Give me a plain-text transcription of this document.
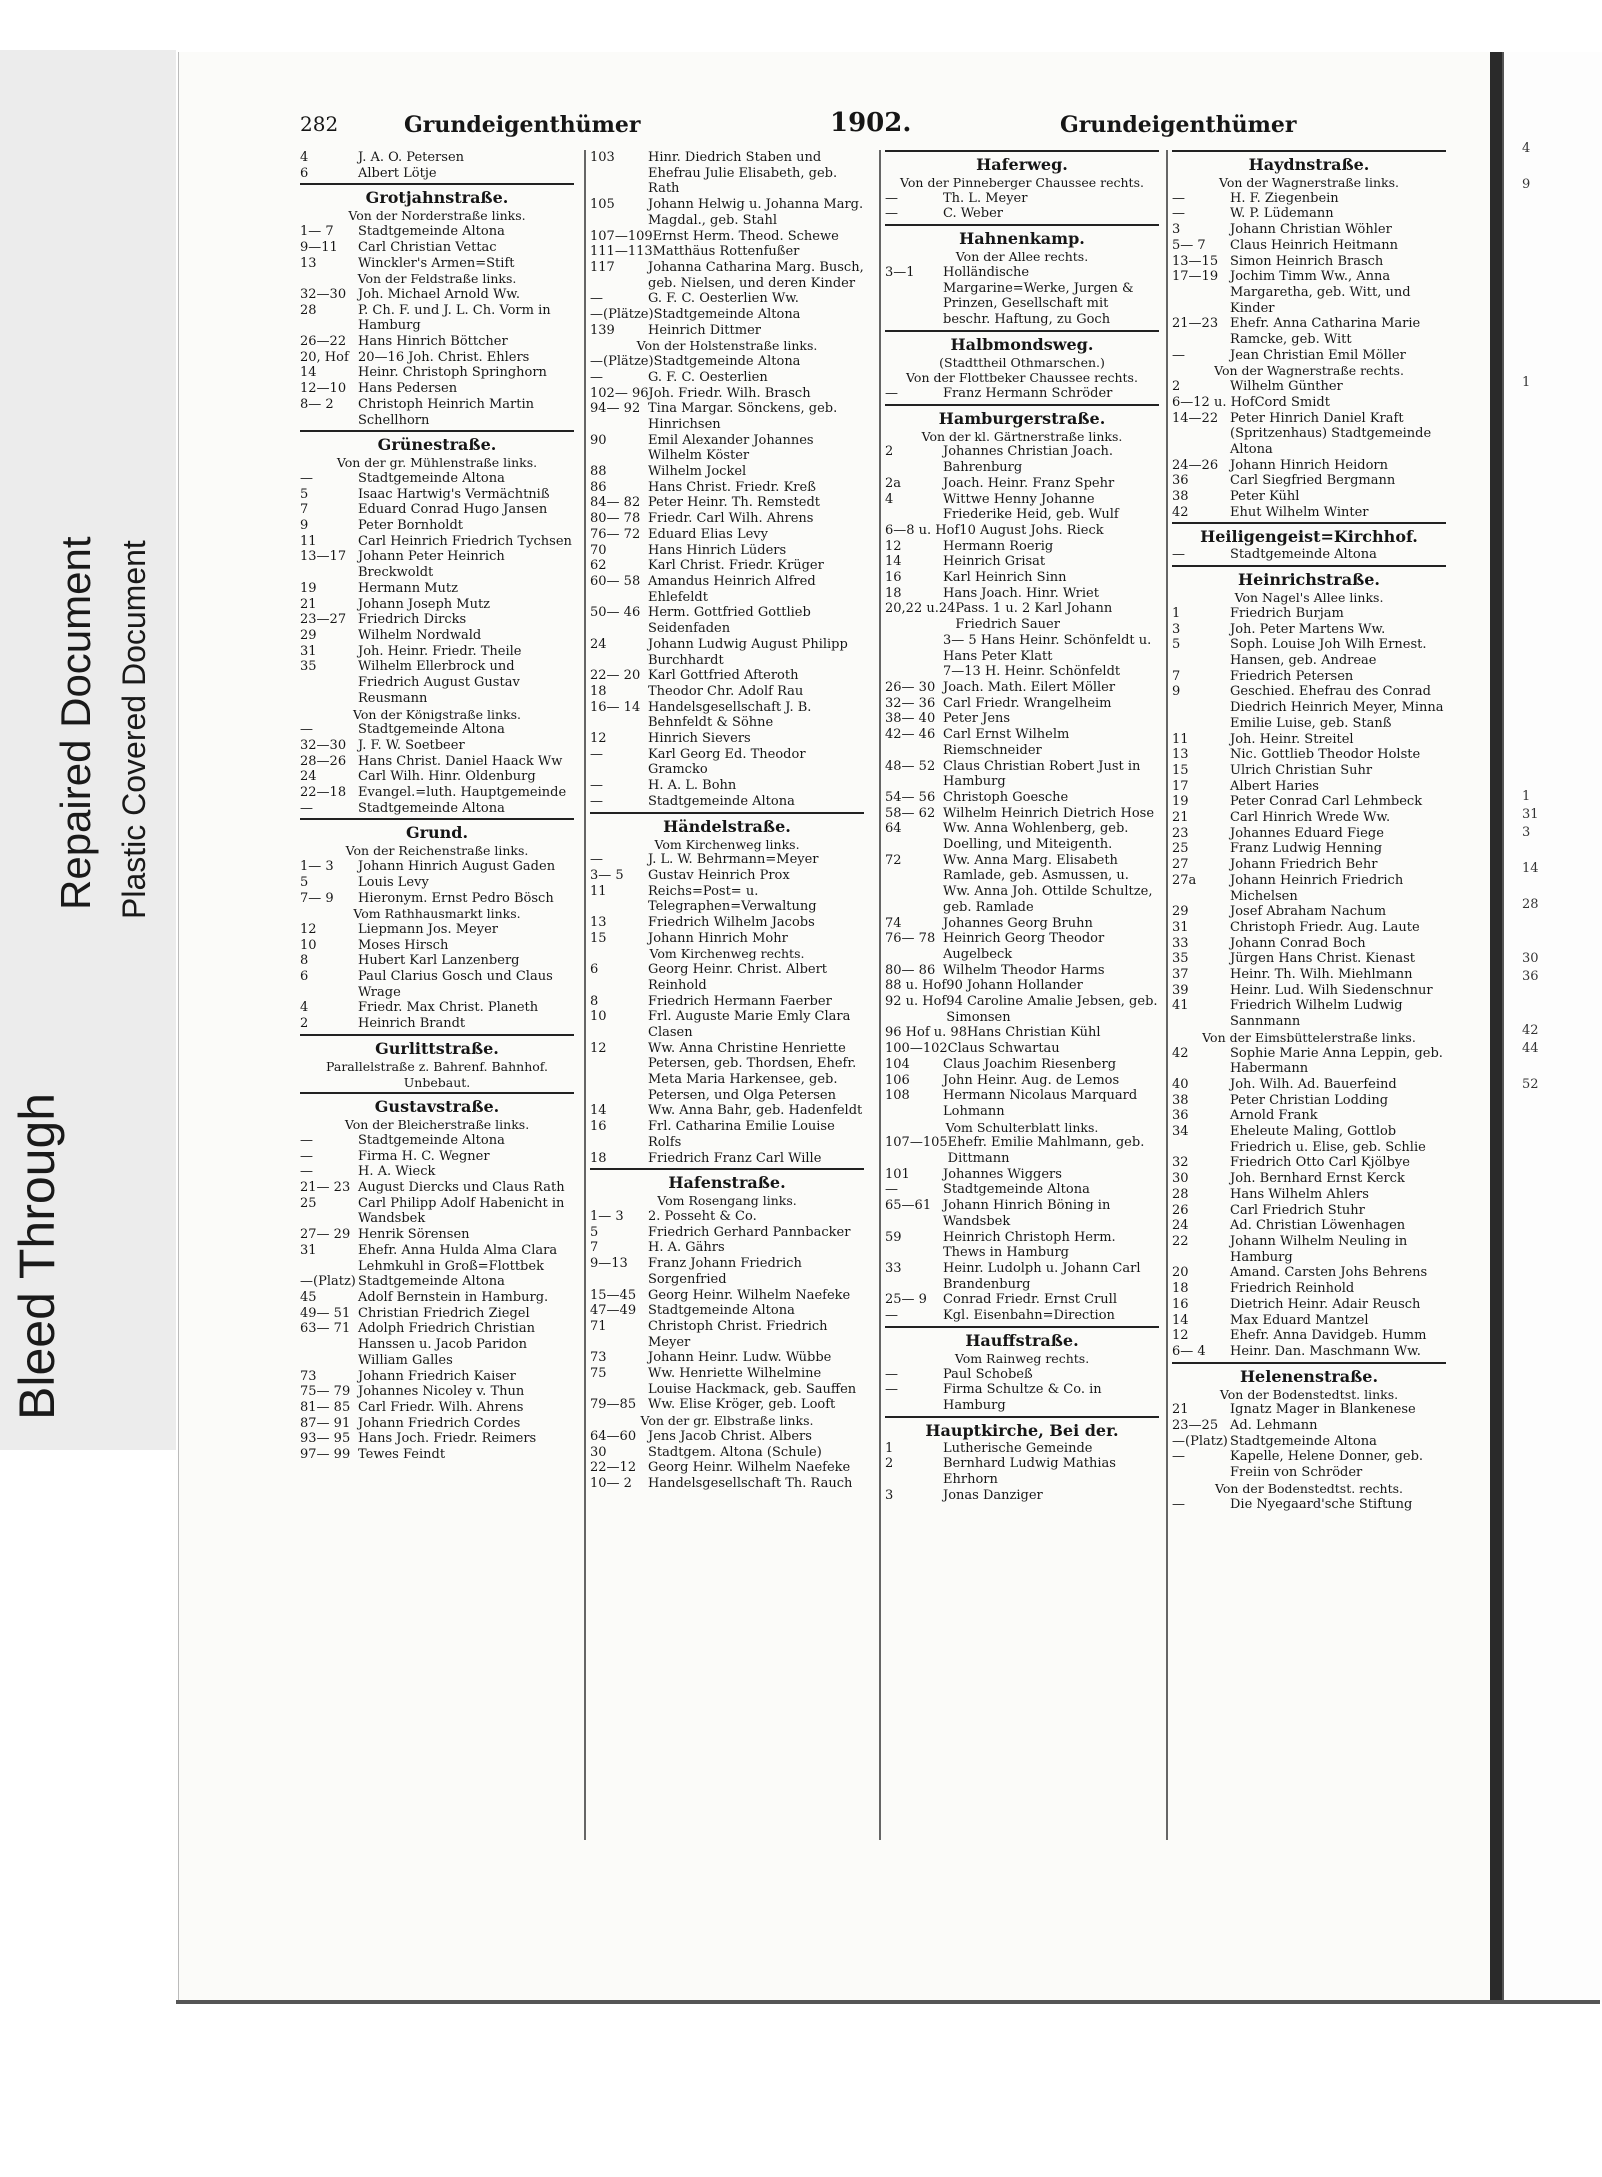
Bleed Through
Repaired Document Plastic Covered Document
282	Grundeigenthümer	1902.	Grundeigenthümer
4	J. A. O. Petersen
6	Albert Lötje
Grotjahnstraße.
Von der Norderstraße links.
1— 7	Stadtgemeinde Altona
9—11	Carl Christian Vettac
13	Winckler's Armen=Stift
Von der Feldstraße links.
32—30 Joh. Michael Arnold Ww.
28	P. Ch. F. und J. L. Ch. Vorm in Hamburg
26—22 Hans Hinrich Böttcher
20, Hof 20—16 Joh. Christ. Ehlers
14	Heinr. Christoph Springhorn
12—10 Hans Pedersen
8— 2	Christoph Heinrich Martin Schellhorn
Grünestraße.
Von der gr. Mühlenstraße links.
—	Stadtgemeinde Altona
5	Isaac Hartwig's Vermächtniß
7	Eduard Conrad Hugo Jansen
9	Peter Bornholdt
11	Carl Heinrich Friedrich Tychsen
13—17 Johann Peter Heinrich Breckwoldt
19	Hermann Mutz
21	Johann Joseph Mutz
23—27 Friedrich Dircks
29	Wilhelm Nordwald
31	Joh. Heinr. Friedr. Theile
35	Wilhelm Ellerbrock und Friedrich August Gustav Reusmann
Von der Königstraße links.
—	Stadtgemeinde Altona
32—30 J. F. W. Soetbeer
28—26 Hans Christ. Daniel Haack Ww
24	Carl Wilh. Hinr. Oldenburg
22—18 Evangel.=luth. Hauptgemeinde
—	Stadtgemeinde Altona
Grund.
Von der Reichenstraße links.
1— 3	Johann Hinrich August Gaden
5	Louis Levy
7— 9	Hieronym. Ernst Pedro Bösch
Vom Rathhausmarkt links.
12	Liepmann Jos. Meyer
10	Moses Hirsch
8	Hubert Karl Lanzenberg
6	Paul Clarius Gosch und Claus Wrage
4	Friedr. Max Christ. Planeth
2	Heinrich Brandt
Gurlittstraße.
Parallelstraße z. Bahrenf. Bahnhof.
Unbebaut.
Gustavstraße.
Von der Bleicherstraße links.
—	Stadtgemeinde Altona
—	Firma H. C. Wegner
—	H. A. Wieck
21— 23 August Diercks und Claus Rath
25	Carl Philipp Adolf Habenicht in Wandsbek
27— 29 Henrik Sörensen
31	Ehefr. Anna Hulda Alma Clara Lehmkuhl in Groß=Flottbek
—(Platz) Stadtgemeinde Altona
45	Adolf Bernstein in Hamburg.
49— 51 Christian Friedrich Ziegel
63— 71 Adolph Friedrich Christian Hanssen u. Jacob Paridon William Galles
73	Johann Friedrich Kaiser
75— 79 Johannes Nicoley v. Thun
81— 85 Carl Friedr. Wilh. Ahrens
87— 91 Johann Friedrich Cordes
93— 95 Hans Joch. Friedr. Reimers
97— 99 Tewes Feindt
103	Hinr. Diedrich Staben und Ehefrau Julie Elisabeth, geb. Rath
105	Johann Helwig u. Johanna Marg. Magdal., geb. Stahl
107—109 Ernst Herm. Theod. Schewe
111—113 Matthäus Rottenfußer
117	Johanna Catharina Marg. Busch, geb. Nielsen, und deren Kinder
—	G. F. C. Oesterlien Ww.
—(Plätze) Stadtgemeinde Altona
139	Heinrich Dittmer
Von der Holstenstraße links.
—(Plätze) Stadtgemeinde Altona
—	G. F. C. Oesterlien
102— 96 Joh. Friedr. Wilh. Brasch
94— 92 Tina Margar. Sönckens, geb. Hinrichsen
90	Emil Alexander Johannes Wilhelm Köster
88	Wilhelm Jockel
86	Hans Christ. Friedr. Kreß
84— 82 Peter Heinr. Th. Remstedt
80— 78 Friedr. Carl Wilh. Ahrens
76— 72 Eduard Elias Levy
70	Hans Hinrich Lüders
62	Karl Christ. Friedr. Krüger
60— 58 Amandus Heinrich Alfred Ehlefeldt
50— 46 Herm. Gottfried Gottlieb Seidenfaden
24	Johann Ludwig August Philipp Burchhardt
22— 20 Karl Gottfried Afteroth
18	Theodor Chr. Adolf Rau
16— 14 Handelsgesellschaft J. B. Behnfeldt & Söhne
12	Hinrich Sievers
—	Karl Georg Ed. Theodor Gramcko
—	H. A. L. Bohn
—	Stadtgemeinde Altona
Händelstraße.
Vom Kirchenweg links.
—	J. L. W. Behrmann=Meyer
3— 5	Gustav Heinrich Prox
11	Reichs=Post= u. Telegraphen=Verwaltung
13	Friedrich Wilhelm Jacobs
15	Johann Hinrich Mohr
Vom Kirchenweg rechts.
6	Georg Heinr. Christ. Albert Reinhold
8	Friedrich Hermann Faerber
10	Frl. Auguste Marie Emly Clara Clasen
12	Ww. Anna Christine Henriette Petersen, geb. Thordsen, Ehefr. Meta Maria Harkensee, geb. Petersen, und Olga Petersen
14	Ww. Anna Bahr, geb. Hadenfeldt
16	Frl. Catharina Emilie Louise Rolfs
18	Friedrich Franz Carl Wille
Hafenstraße.
Vom Rosengang links.
1— 3	2. Posseht & Co.
5	Friedrich Gerhard Pannbacker
7	H. A. Gährs
9—13	Franz Johann Friedrich Sorgenfried
15—45 Georg Heinr. Wilhelm Naefeke
47—49 Stadtgemeinde Altona
71	Christoph Christ. Friedrich Meyer
73	Johann Heinr. Ludw. Wübbe
75	Ww. Henriette Wilhelmine Louise Hackmack, geb. Sauffen
79—85 Ww. Elise Kröger, geb. Looft
Von der gr. Elbstraße links.
64—60 Jens Jacob Christ. Albers
30	Stadtgem. Altona (Schule)
22—12 Georg Heinr. Wilhelm Naefeke
10— 2	Handelsgesellschaft Th. Rauch
Haferweg.
Von der Pinneberger Chaussee rechts.
—	Th. L. Meyer
—	C. Weber
Hahnenkamp.
Von der Allee rechts.
3—1	Holländische Margarine=Werke, Jurgen & Prinzen, Gesellschaft mit beschr. Haftung, zu Goch
Halbmondsweg.
(Stadttheil Othmarschen.)
Von der Flottbeker Chaussee rechts.
—	Franz Hermann Schröder
Hamburgerstraße.
Von der kl. Gärtnerstraße links.
2	Johannes Christian Joach. Bahrenburg
2a	Joach. Heinr. Franz Spehr
4	Wittwe Henny Johanne Friederike Heid, geb. Wulf
6—8 u. Hof 10 August Johs. Rieck
12	Hermann Roerig
14	Heinrich Grisat
16	Karl Heinrich Sinn
18	Hans Joach. Hinr. Wriet
20,22 u.24 Pass. 1 u. 2 Karl Johann Friedrich Sauer
3— 5 Hans Heinr. Schönfeldt u. Hans Peter Klatt
7—13 H. Heinr. Schönfeldt
26— 30 Joach. Math. Eilert Möller
32— 36 Carl Friedr. Wrangelheim
38— 40 Peter Jens
42— 46 Carl Ernst Wilhelm Riemschneider
48— 52 Claus Christian Robert Just in Hamburg
54— 56 Christoph Goesche
58— 62 Wilhelm Heinrich Dietrich Hose
64	Ww. Anna Wohlenberg, geb. Doelling, und Miteigenth.
72	Ww. Anna Marg. Elisabeth Ramlade, geb. Asmussen, u. Ww. Anna Joh. Ottilde Schultze, geb. Ramlade
74	Johannes Georg Bruhn
76— 78 Heinrich Georg Theodor Augelbeck
80— 86 Wilhelm Theodor Harms
88 u. Hof 90 Johann Hollander
92 u. Hof 94 Caroline Amalie Jebsen, geb. Simonsen
96 Hof u. 98 Hans Christian Kühl
100—102 Claus Schwartau
104	Claus Joachim Riesenberg
106	John Heinr. Aug. de Lemos
108	Hermann Nicolaus Marquard Lohmann
Vom Schulterblatt links.
107—105 Ehefr. Emilie Mahlmann, geb. Dittmann
101	Johannes Wiggers
—	Stadtgemeinde Altona
65—61 Johann Hinrich Böning in Wandsbek
59	Heinrich Christoph Herm. Thews in Hamburg
33	Heinr. Ludolph u. Johann Carl Brandenburg
25— 9	Conrad Friedr. Ernst Crull
—	Kgl. Eisenbahn=Direction
Hauffstraße.
Vom Rainweg rechts.
—	Paul Schobeß
—	Firma Schultze & Co. in Hamburg
Hauptkirche, Bei der.
1	Lutherische Gemeinde
2	Bernhard Ludwig Mathias Ehrhorn
3	Jonas Danziger
Haydnstraße.
Von der Wagnerstraße links.
—	H. F. Ziegenbein
—	W. P. Lüdemann
3	Johann Christian Wöhler
5— 7	Claus Heinrich Heitmann
13—15 Simon Heinrich Brasch
17—19 Jochim Timm Ww., Anna Margaretha, geb. Witt, und Kinder
21—23 Ehefr. Anna Catharina Marie Ramcke, geb. Witt
—	Jean Christian Emil Möller
Von der Wagnerstraße rechts.
2	Wilhelm Günther
6—12 u. Hof Cord Smidt
14—22 Peter Hinrich Daniel Kraft (Spritzenhaus) Stadtgemeinde Altona
24—26 Johann Hinrich Heidorn
36	Carl Siegfried Bergmann
38	Peter Kühl
42	Ehut Wilhelm Winter
Heiligengeist=Kirchhof.
—	Stadtgemeinde Altona
Heinrichstraße.
Von Nagel's Allee links.
1	Friedrich Burjam
3	Joh. Peter Martens Ww.
5	Soph. Louise Joh Wilh Ernest. Hansen, geb. Andreae
7	Friedrich Petersen
9	Geschied. Ehefrau des Conrad Diedrich Heinrich Meyer, Minna Emilie Luise, geb. Stanß
11	Joh. Heinr. Streitel
13	Nic. Gottlieb Theodor Holste
15	Ulrich Christian Suhr
17	Albert Haries
19	Peter Conrad Carl Lehmbeck
21	Carl Hinrich Wrede Ww.
23	Johannes Eduard Fiege
25	Franz Ludwig Henning
27	Johann Friedrich Behr
27a	Johann Heinrich Friedrich Michelsen
29	Josef Abraham Nachum
31	Christoph Friedr. Aug. Laute
33	Johann Conrad Boch
35	Jürgen Hans Christ. Kienast
37	Heinr. Th. Wilh. Miehlmann
39	Heinr. Lud. Wilh Siedenschnur
41	Friedrich Wilhelm Ludwig Sannmann
Von der Eimsbüttelerstraße links.
42	Sophie Marie Anna Leppin, geb. Habermann
40	Joh. Wilh. Ad. Bauerfeind
38	Peter Christian Lodding
36	Arnold Frank
34	Eheleute Maling, Gottlob Friedrich u. Elise, geb. Schlie
32	Friedrich Otto Carl Kjölbye
30	Joh. Bernhard Ernst Kerck
28	Hans Wilhelm Ahlers
26	Carl Friedrich Stuhr
24	Ad. Christian Löwenhagen
22	Johann Wilhelm Neuling in Hamburg
20	Amand. Carsten Johs Behrens
18	Friedrich Reinhold
16	Dietrich Heinr. Adair Reusch
14	Max Eduard Mantzel
12	Ehefr. Anna Davidgeb. Humm
6— 4	Heinr. Dan. Maschmann Ww.
Helenenstraße.
Von der Bodenstedtst. links.
21	Ignatz Mager in Blankenese
23—25 Ad. Lehmann
—(Platz) Stadtgemeinde Altona
—	Kapelle, Helene Donner, geb. Freiin von Schröder
Von der Bodenstedtst. rechts.
—	Die Nyegaard'sche Stiftung
4

9

1

1
31
3

14

28

30
36

42
44

52
